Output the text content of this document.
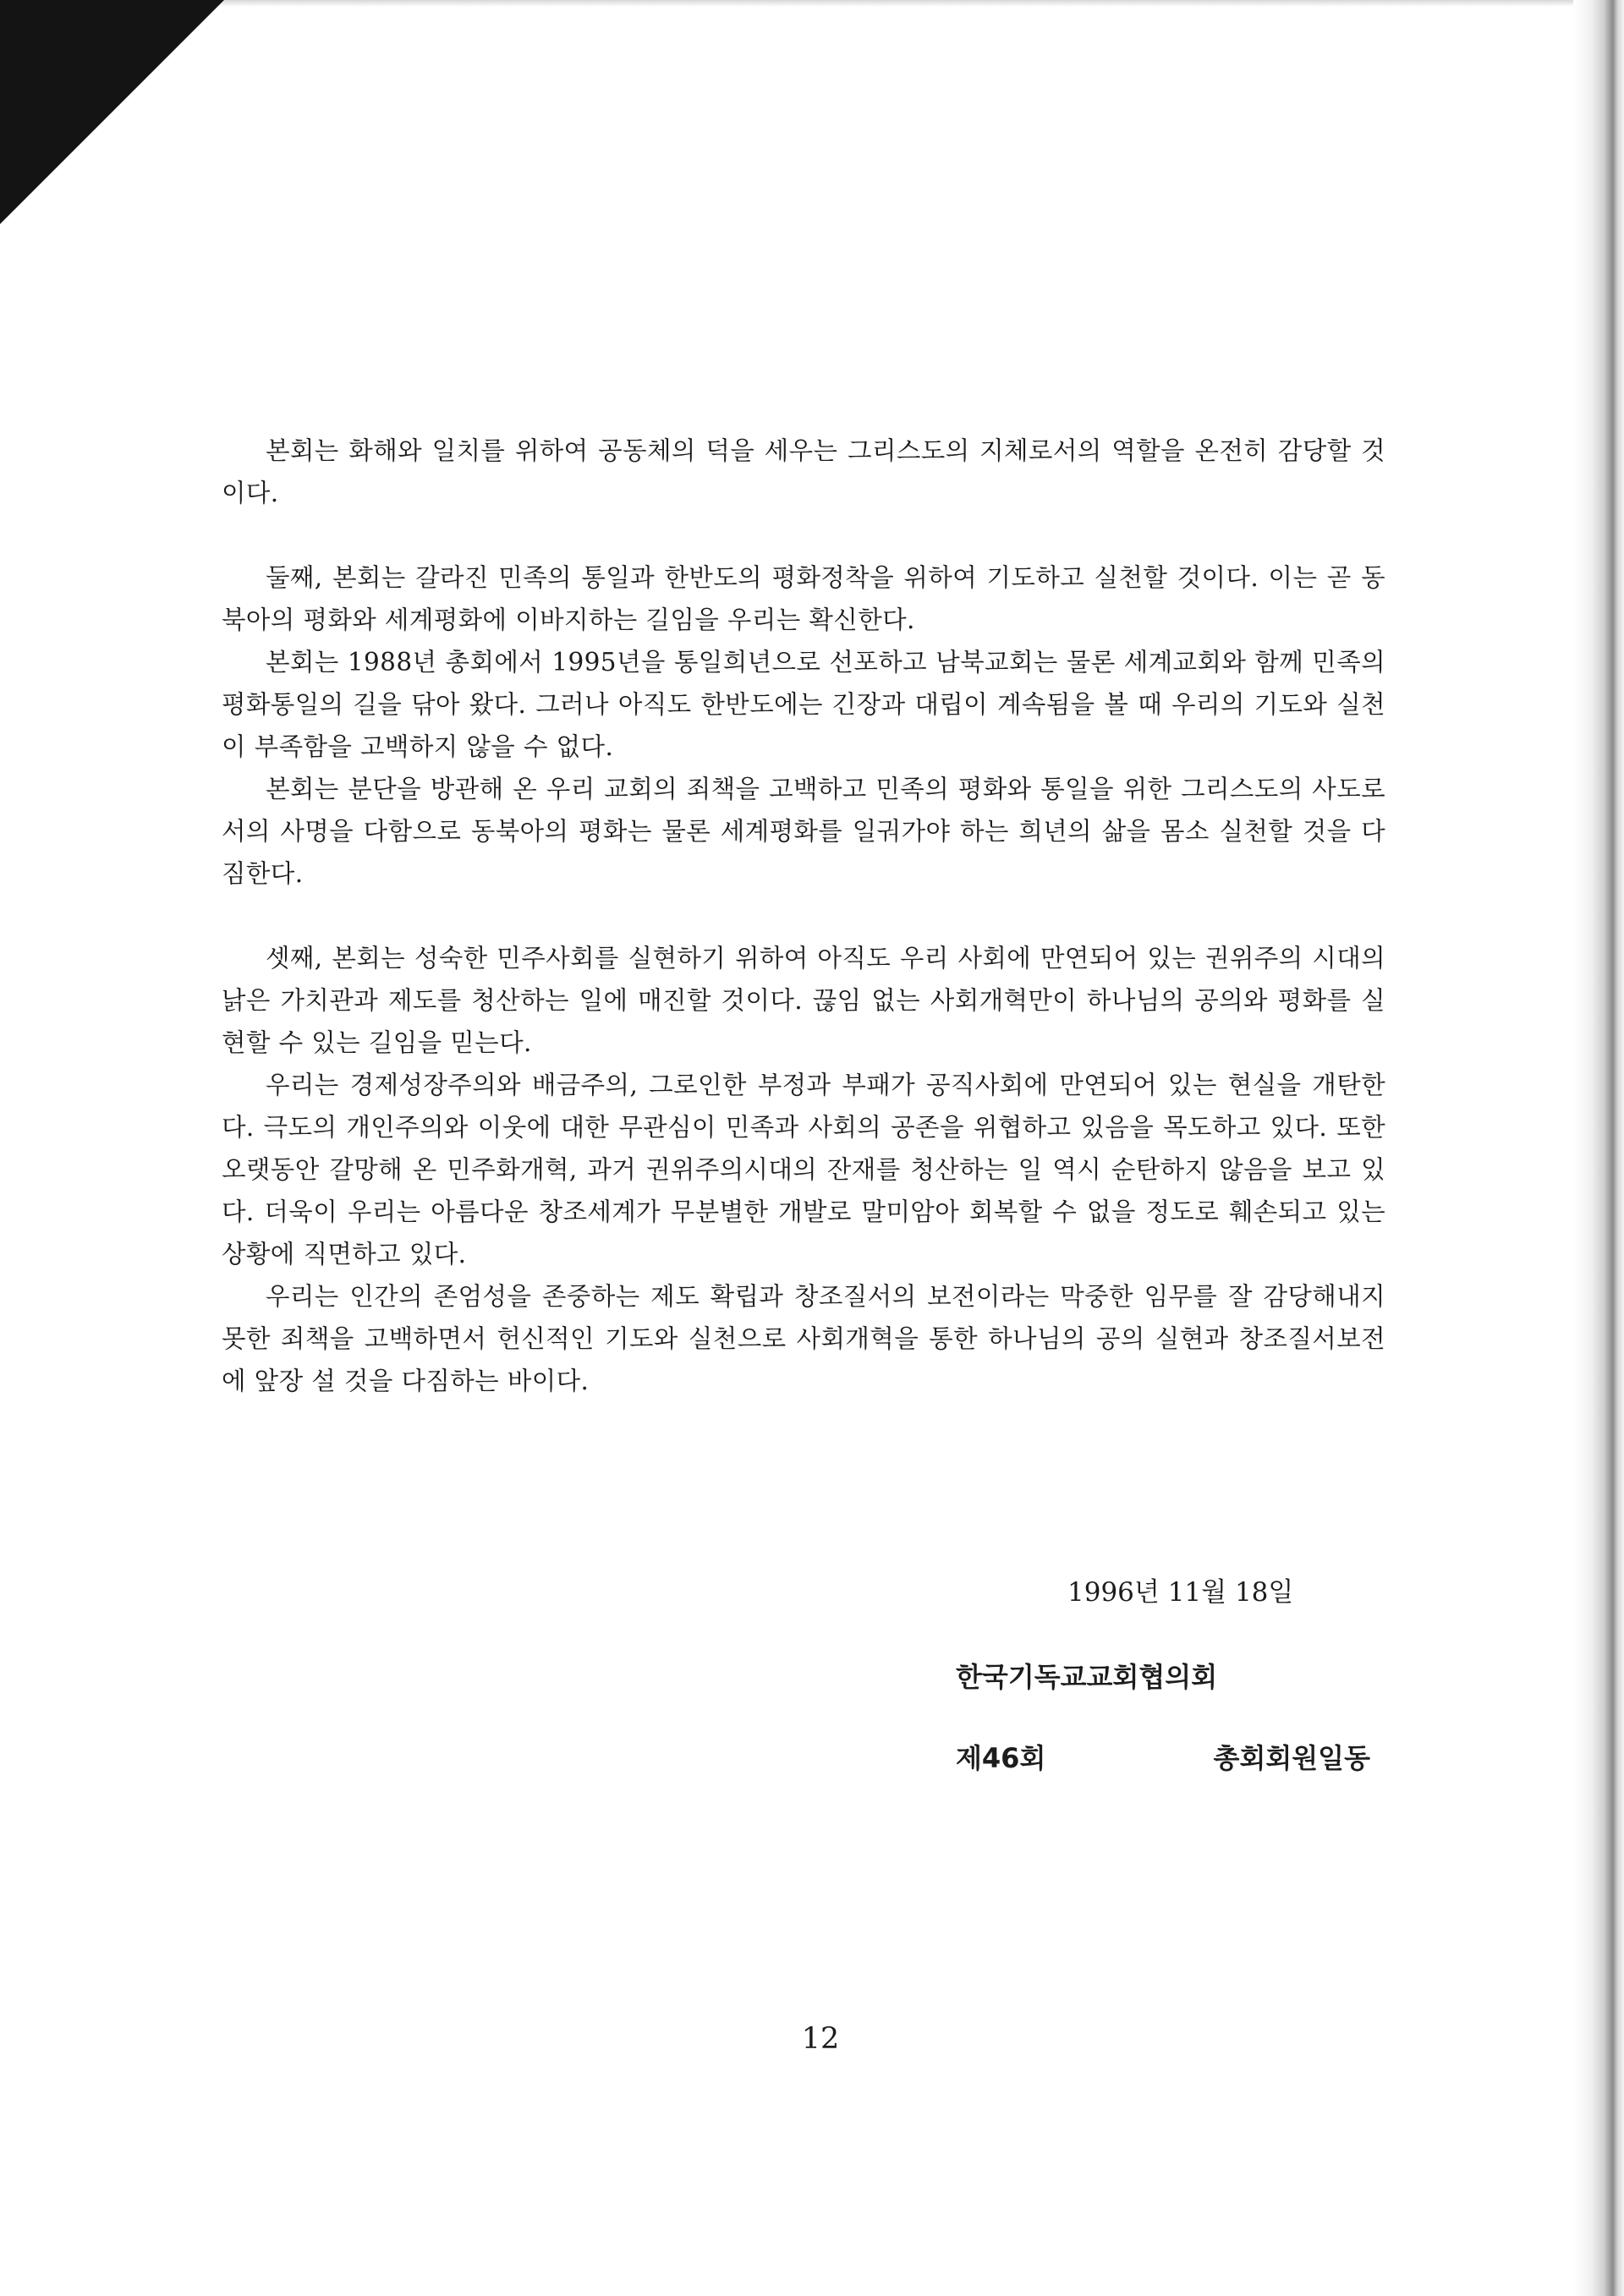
본회는 화해와 일치를 위하여 공동체의 덕을 세우는 그리스도의 지체로서의 역할을 온전히 감당할 것이다.

둘째, 본회는 갈라진 민족의 통일과 한반도의 평화정착을 위하여 기도하고 실천할 것이다. 이는 곧 동북아의 평화와 세계평화에 이바지하는 길임을 우리는 확신한다.

본회는 1988년 총회에서 1995년을 통일희년으로 선포하고 남북교회는 물론 세계교회와 함께 민족의 평화통일의 길을 닦아 왔다. 그러나 아직도 한반도에는 긴장과 대립이 계속됨을 볼 때 우리의 기도와 실천이 부족함을 고백하지 않을 수 없다.

본회는 분단을 방관해 온 우리 교회의 죄책을 고백하고 민족의 평화와 통일을 위한 그리스도의 사도로서의 사명을 다함으로 동북아의 평화는 물론 세계평화를 일궈가야 하는 희년의 삶을 몸소 실천할 것을 다짐한다.

셋째, 본회는 성숙한 민주사회를 실현하기 위하여 아직도 우리 사회에 만연되어 있는 권위주의 시대의 낡은 가치관과 제도를 청산하는 일에 매진할 것이다. 끊임 없는 사회개혁만이 하나님의 공의와 평화를 실현할 수 있는 길임을 믿는다.

우리는 경제성장주의와 배금주의, 그로인한 부정과 부패가 공직사회에 만연되어 있는 현실을 개탄한다. 극도의 개인주의와 이웃에 대한 무관심이 민족과 사회의 공존을 위협하고 있음을 목도하고 있다. 또한 오랫동안 갈망해 온 민주화개혁, 과거 권위주의시대의 잔재를 청산하는 일 역시 순탄하지 않음을 보고 있다. 더욱이 우리는 아름다운 창조세계가 무분별한 개발로 말미암아 회복할 수 없을 정도로 훼손되고 있는 상황에 직면하고 있다.

우리는 인간의 존엄성을 존중하는 제도 확립과 창조질서의 보전이라는 막중한 임무를 잘 감당해내지 못한 죄책을 고백하면서 헌신적인 기도와 실천으로 사회개혁을 통한 하나님의 공의 실현과 창조질서보전에 앞장 설 것을 다짐하는 바이다.

1996년 11월 18일
한국기독교교회협의회
제46회 총회회원일동
12
